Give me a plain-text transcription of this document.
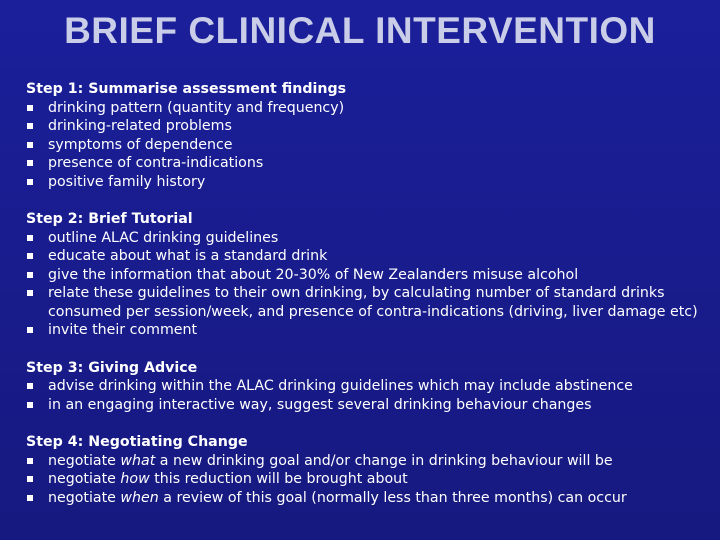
BRIEF CLINICAL INTERVENTION
Step 1: Summarise assessment findings
drinking pattern (quantity and frequency)
drinking-related problems
symptoms of dependence
presence of contra-indications
positive family history
Step 2: Brief Tutorial
outline ALAC drinking guidelines
educate about what is a standard drink
give the information that about 20-30% of New Zealanders misuse alcohol
relate these guidelines to their own drinking, by calculating number of standard drinks consumed per session/week, and presence of contra-indications (driving, liver damage etc)
invite their comment
Step 3: Giving Advice
advise drinking within the ALAC drinking guidelines which may include abstinence
in an engaging interactive way, suggest several drinking behaviour changes
Step 4: Negotiating Change
negotiate what a new drinking goal and/or change in drinking behaviour will be
negotiate how this reduction will be brought about
negotiate when a review of this goal (normally less than three months) can occur
